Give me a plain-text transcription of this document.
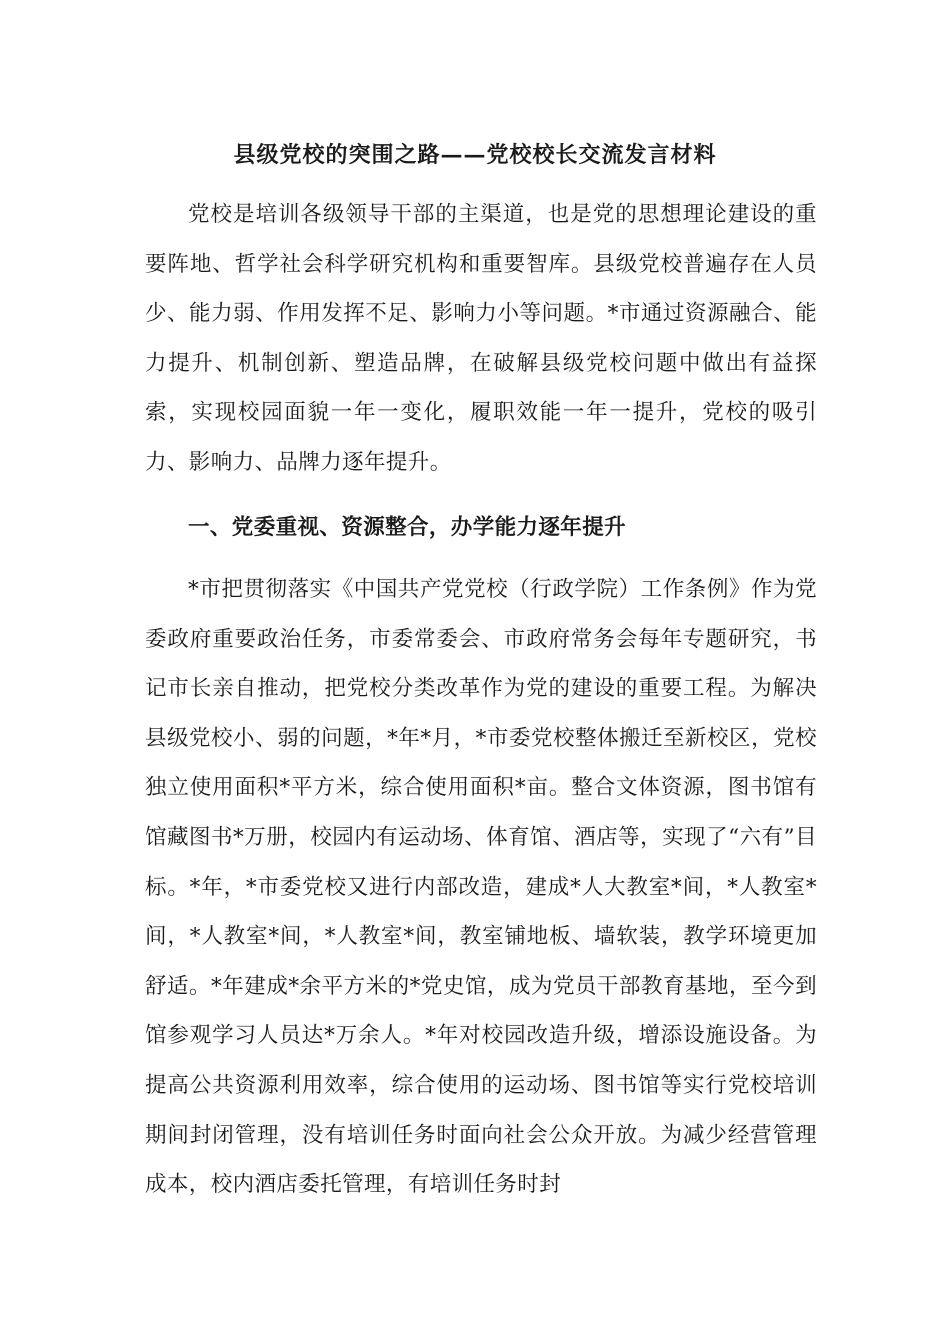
县级党校的突围之路——党校校长交流发言材料

党校是培训各级领导干部的主渠道，也是党的思想理论建设的重要阵地、哲学社会科学研究机构和重要智库。县级党校普遍存在人员少、能力弱、作用发挥不足、影响力小等问题。*市通过资源融合、能力提升、机制创新、塑造品牌，在破解县级党校问题中做出有益探索，实现校园面貌一年一变化，履职效能一年一提升，党校的吸引力、影响力、品牌力逐年提升。

一、党委重视、资源整合，办学能力逐年提升

*市把贯彻落实《中国共产党党校（行政学院）工作条例》作为党委政府重要政治任务，市委常委会、市政府常务会每年专题研究，书记市长亲自推动，把党校分类改革作为党的建设的重要工程。为解决县级党校小、弱的问题，*年*月，*市委党校整体搬迁至新校区，党校独立使用面积*平方米，综合使用面积*亩。整合文体资源，图书馆有馆藏图书*万册，校园内有运动场、体育馆、酒店等，实现了“六有”目标。*年，*市委党校又进行内部改造，建成*人大教室*间，*人教室*间，*人教室*间，*人教室*间，教室铺地板、墙软装，教学环境更加舒适。*年建成*余平方米的*党史馆，成为党员干部教育基地，至今到馆参观学习人员达*万余人。*年对校园改造升级，增添设施设备。为提高公共资源利用效率，综合使用的运动场、图书馆等实行党校培训期间封闭管理，没有培训任务时面向社会公众开放。为减少经营管理成本，校内酒店委托管理，有培训任务时封
